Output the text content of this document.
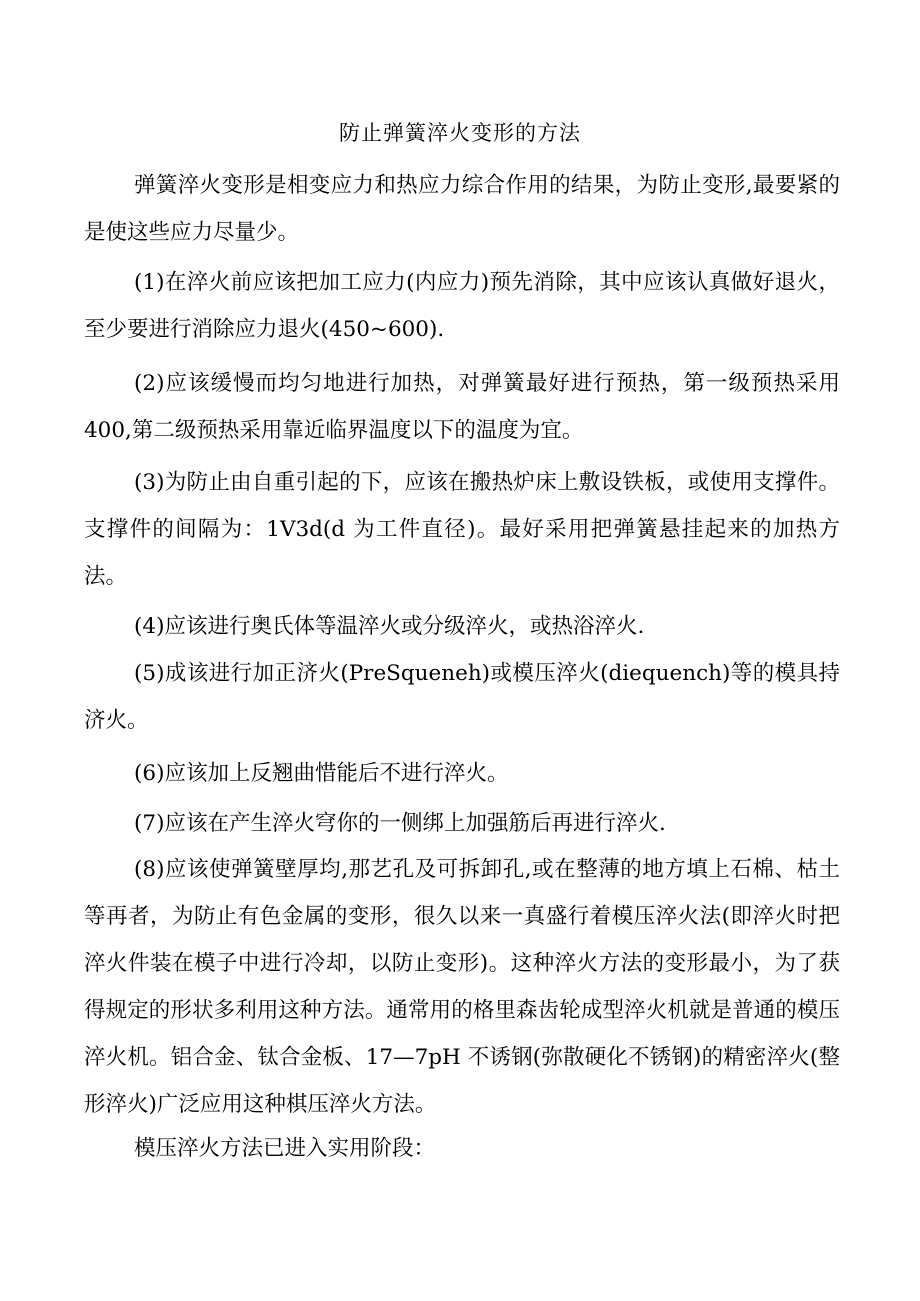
防止弹簧淬火变形的方法

弹簧淬火变形是相变应力和热应力综合作用的结果，为防止变形,最要紧的是使这些应力尽量少。

(1)在淬火前应该把加工应力(内应力)预先消除，其中应该认真做好退火，至少要进行消除应力退火(450~600).

(2)应该缓慢而均匀地进行加热，对弹簧最好进行预热，第一级预热采用 400,第二级预热采用靠近临界温度以下的温度为宜。

(3)为防止由自重引起的下，应该在搬热炉床上敷设铁板，或使用支撑件。支撑件的间隔为：1V3d(d 为工件直径)。最好采用把弹簧悬挂起来的加热方法。

(4)应该进行奥氏体等温淬火或分级淬火，或热浴淬火.

(5)成该进行加正济火(PreSqueneh)或模压淬火(diequench)等的模具持济火。

(6)应该加上反翘曲惜能后不进行淬火。

(7)应该在产生淬火穹你的一侧绑上加强筋后再进行淬火.

(8)应该使弹簧壁厚均,那艺孔及可拆卸孔,或在整薄的地方填上石棉、枯土等再者，为防止有色金属的变形，很久以来一真盛行着模压淬火法(即淬火时把淬火件装在模子中进行冷却，以防止变形)。这种淬火方法的变形最小，为了获得规定的形状多利用这种方法。通常用的格里森齿轮成型淬火机就是普通的模压淬火机。铝合金、钛合金板、17—7pH 不诱钢(弥散硬化不锈钢)的精密淬火(整形淬火)广泛应用这种棋压淬火方法。

模压淬火方法已进入实用阶段：
